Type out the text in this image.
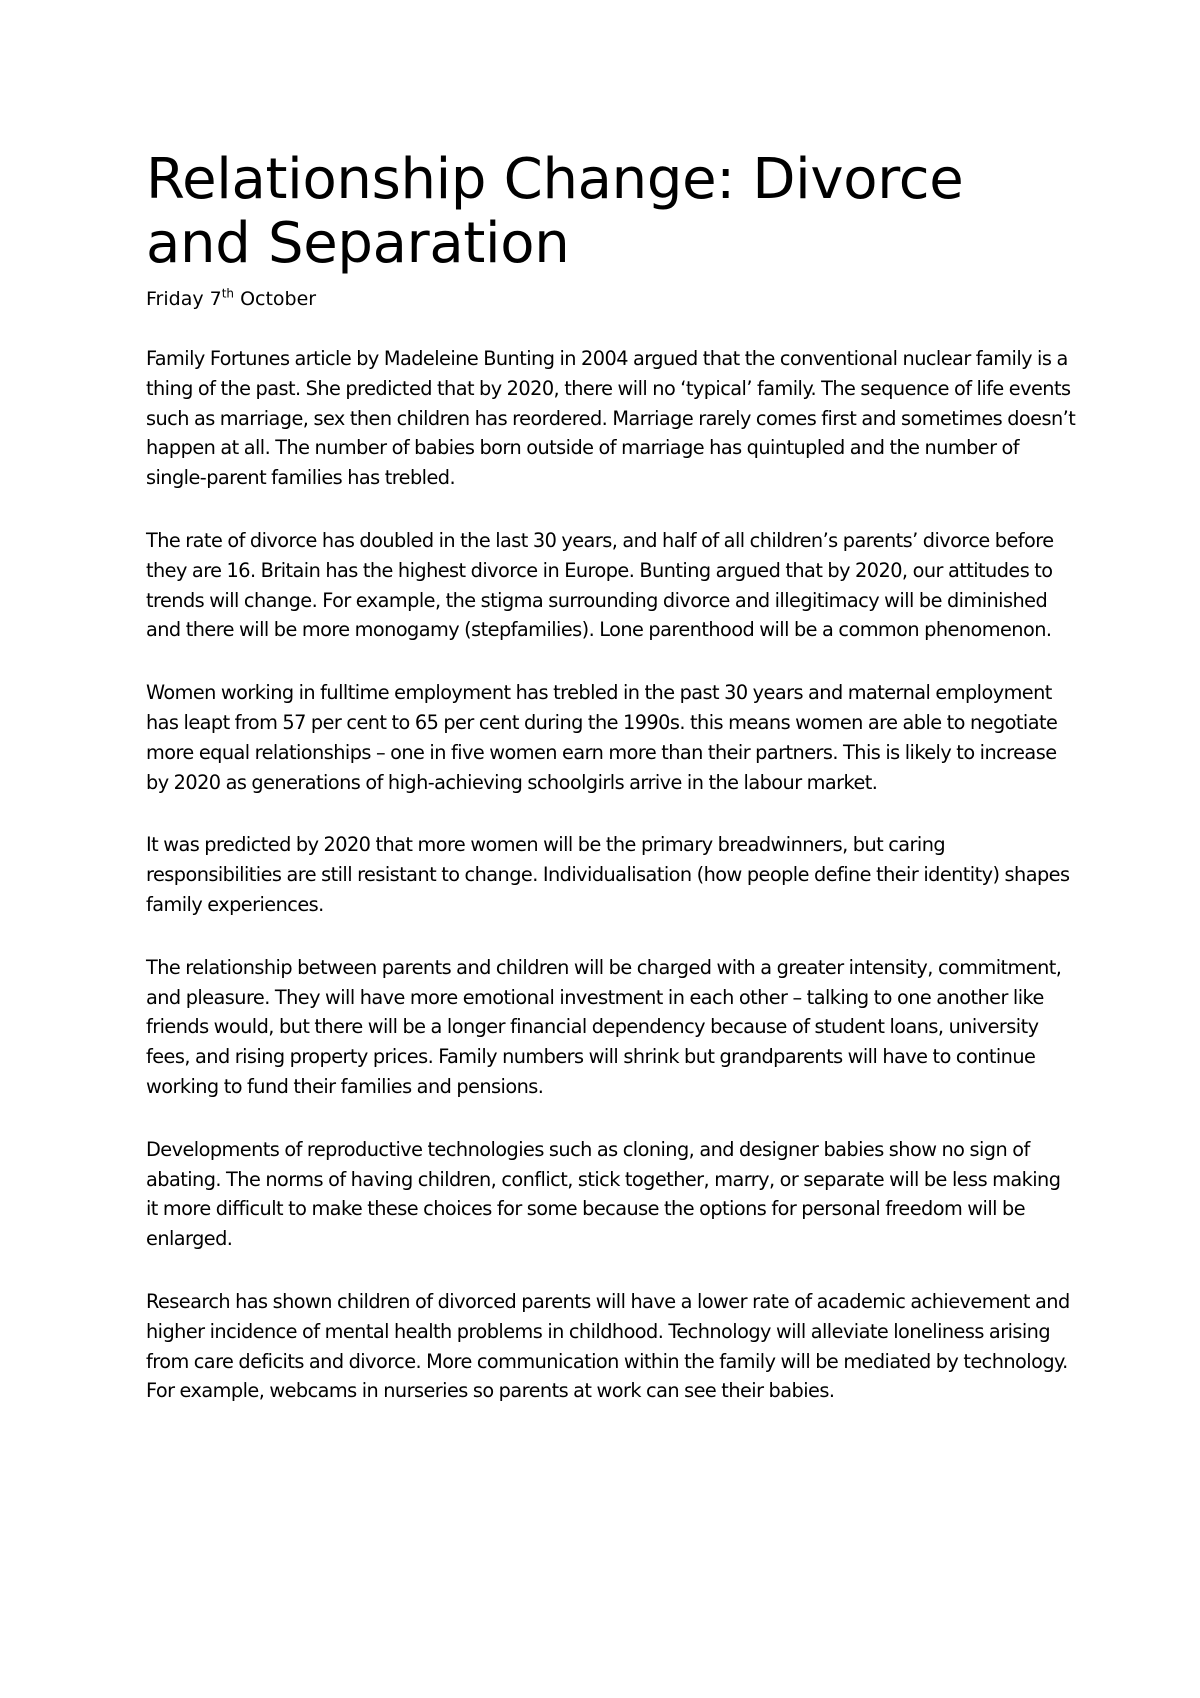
Relationship Change: Divorce and Separation

Friday 7th October

Family Fortunes article by Madeleine Bunting in 2004 argued that the conventional nuclear family is a thing of the past. She predicted that by 2020, there will no ‘typical’ family. The sequence of life events such as marriage, sex then children has reordered. Marriage rarely comes first and sometimes doesn’t happen at all. The number of babies born outside of marriage has quintupled and the number of single-parent families has trebled.

The rate of divorce has doubled in the last 30 years, and half of all children’s parents’ divorce before they are 16. Britain has the highest divorce in Europe. Bunting argued that by 2020, our attitudes to trends will change. For example, the stigma surrounding divorce and illegitimacy will be diminished and there will be more monogamy (stepfamilies). Lone parenthood will be a common phenomenon.

Women working in fulltime employment has trebled in the past 30 years and maternal employment has leapt from 57 per cent to 65 per cent during the 1990s. this means women are able to negotiate more equal relationships – one in five women earn more than their partners. This is likely to increase by 2020 as generations of high-achieving schoolgirls arrive in the labour market.

It was predicted by 2020 that more women will be the primary breadwinners, but caring responsibilities are still resistant to change. Individualisation (how people define their identity) shapes family experiences.

The relationship between parents and children will be charged with a greater intensity, commitment, and pleasure. They will have more emotional investment in each other – talking to one another like friends would, but there will be a longer financial dependency because of student loans, university fees, and rising property prices. Family numbers will shrink but grandparents will have to continue working to fund their families and pensions.

Developments of reproductive technologies such as cloning, and designer babies show no sign of abating. The norms of having children, conflict, stick together, marry, or separate will be less making it more difficult to make these choices for some because the options for personal freedom will be enlarged.

Research has shown children of divorced parents will have a lower rate of academic achievement and higher incidence of mental health problems in childhood. Technology will alleviate loneliness arising from care deficits and divorce. More communication within the family will be mediated by technology. For example, webcams in nurseries so parents at work can see their babies.
